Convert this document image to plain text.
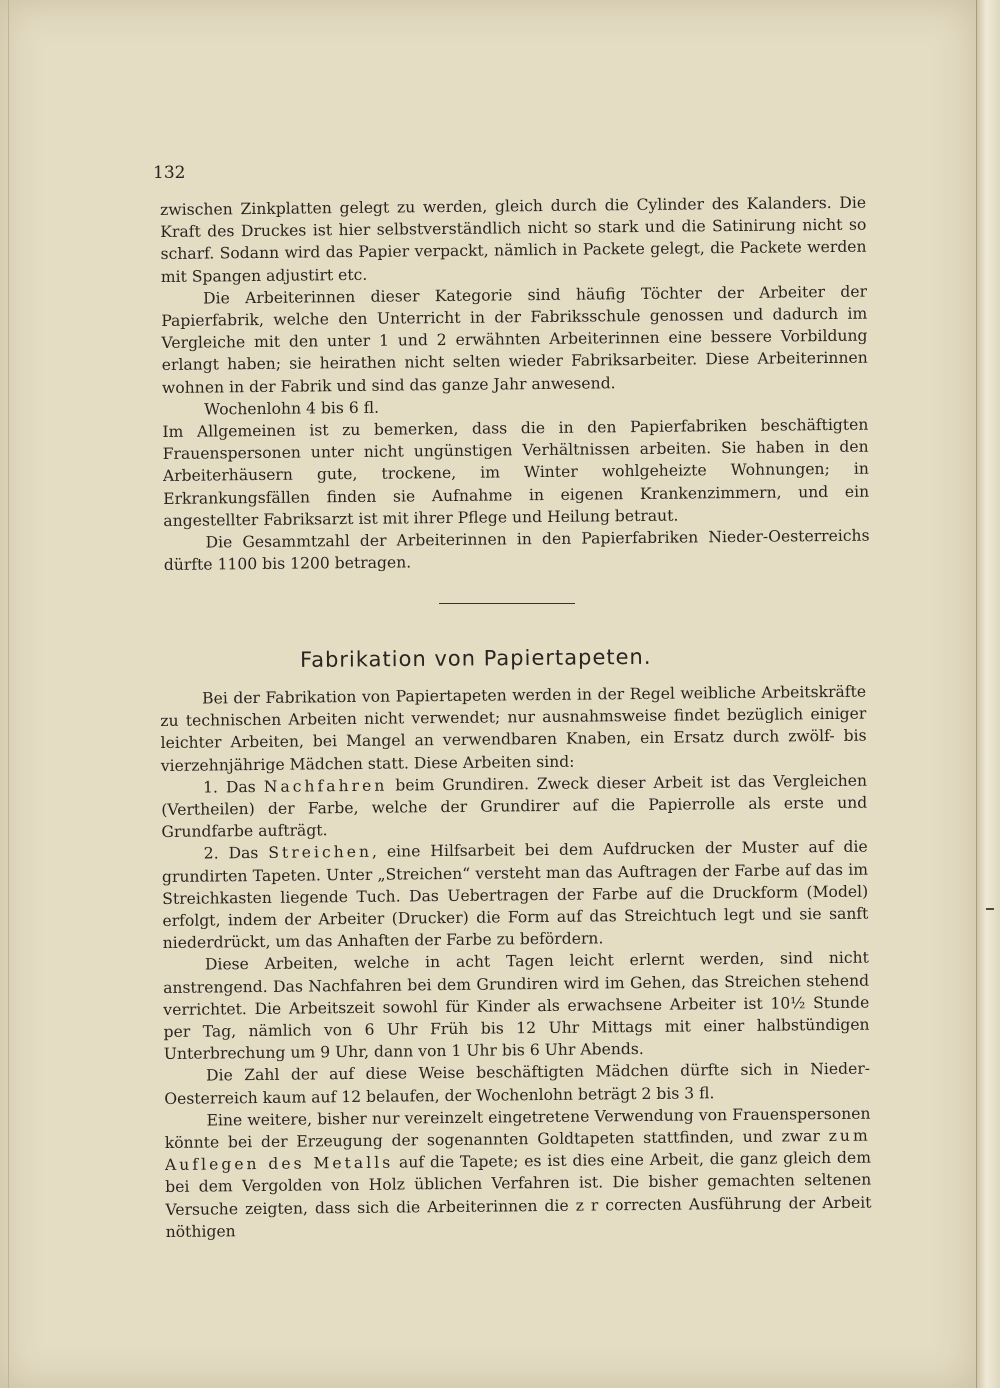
132

zwischen Zinkplatten gelegt zu werden, gleich durch die Cylinder des Kalanders. Die Kraft des Druckes ist hier selbstverständlich nicht so stark und die Satinirung nicht so scharf. Sodann wird das Papier verpackt, nämlich in Packete gelegt, die Packete werden mit Spangen adjustirt etc.

Die Arbeiterinnen dieser Kategorie sind häufig Töchter der Arbeiter der Papierfabrik, welche den Unterricht in der Fabriksschule genossen und dadurch im Vergleiche mit den unter 1 und 2 erwähnten Arbeiterinnen eine bessere Vorbildung erlangt haben; sie heirathen nicht selten wieder Fabriksarbeiter. Diese Arbeiterinnen wohnen in der Fabrik und sind das ganze Jahr anwesend.

Wochenlohn 4 bis 6 fl.

Im Allgemeinen ist zu bemerken, dass die in den Papierfabriken beschäftigten Frauenspersonen unter nicht ungünstigen Verhältnissen arbeiten. Sie haben in den Arbeiterhäusern gute, trockene, im Winter wohlgeheizte Wohnungen; in Erkrankungsfällen finden sie Aufnahme in eigenen Krankenzimmern, und ein angestellter Fabriksarzt ist mit ihrer Pflege und Heilung betraut.

Die Gesammtzahl der Arbeiterinnen in den Papierfabriken Nieder-Oesterreichs dürfte 1100 bis 1200 betragen.

Fabrikation von Papiertapeten.

Bei der Fabrikation von Papiertapeten werden in der Regel weibliche Arbeitskräfte zu technischen Arbeiten nicht verwendet; nur ausnahmsweise findet bezüglich einiger leichter Arbeiten, bei Mangel an verwendbaren Knaben, ein Ersatz durch zwölf- bis vierzehnjährige Mädchen statt. Diese Arbeiten sind:

1. Das Nachfahren beim Grundiren. Zweck dieser Arbeit ist das Vergleichen (Vertheilen) der Farbe, welche der Grundirer auf die Papierrolle als erste und Grundfarbe aufträgt.

2. Das Streichen, eine Hilfsarbeit bei dem Aufdrucken der Muster auf die grundirten Tapeten. Unter „Streichen“ versteht man das Auftragen der Farbe auf das im Streichkasten liegende Tuch. Das Uebertragen der Farbe auf die Druckform (Model) erfolgt, indem der Arbeiter (Drucker) die Form auf das Streichtuch legt und sie sanft niederdrückt, um das Anhaften der Farbe zu befördern.

Diese Arbeiten, welche in acht Tagen leicht erlernt werden, sind nicht anstrengend. Das Nachfahren bei dem Grundiren wird im Gehen, das Streichen stehend verrichtet. Die Arbeitszeit sowohl für Kinder als erwachsene Arbeiter ist 10½ Stunde per Tag, nämlich von 6 Uhr Früh bis 12 Uhr Mittags mit einer halbstündigen Unterbrechung um 9 Uhr, dann von 1 Uhr bis 6 Uhr Abends.

Die Zahl der auf diese Weise beschäftigten Mädchen dürfte sich in Nieder-Oesterreich kaum auf 12 belaufen, der Wochenlohn beträgt 2 bis 3 fl.

Eine weitere, bisher nur vereinzelt eingetretene Verwendung von Frauenspersonen könnte bei der Erzeugung der sogenannten Goldtapeten stattfinden, und zwar zum Auflegen des Metalls auf die Tapete; es ist dies eine Arbeit, die ganz gleich dem bei dem Vergolden von Holz üblichen Verfahren ist. Die bisher gemachten seltenen Versuche zeigten, dass sich die Arbeiterinnen die z r correcten Ausführung der Arbeit nöthigen
